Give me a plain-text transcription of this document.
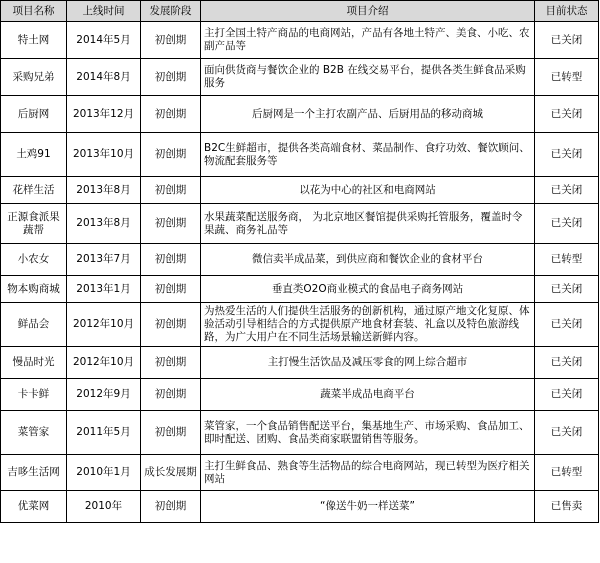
项目名称	上线时间	发展阶段	项目介绍	目前状态
特土网	2014年5月	初创期	主打全国土特产商品的电商网站，产品有各地土特产、美食、小吃、农副产品等	已关闭
采购兄弟	2014年8月	初创期	面向供货商与餐饮企业的 B2B 在线交易平台，提供各类生鲜食品采购服务	已转型
后厨网	2013年12月	初创期	后厨网是一个主打农副产品、后厨用品的移动商城	已关闭
土鸡91	2013年10月	初创期	B2C生鲜超市，提供各类高端食材、菜品制作、食疗功效、餐饮顾问、物流配套服务等	已关闭
花样生活	2013年8月	初创期	以花为中心的社区和电商网站	已关闭
正源食派果蔬帮	2013年8月	初创期	水果蔬菜配送服务商， 为北京地区餐馆提供采购托管服务，覆盖时令果蔬、商务礼品等	已关闭
小农女	2013年7月	初创期	微信卖半成品菜，到供应商和餐饮企业的食材平台	已转型
物本购商城	2013年1月	初创期	垂直类O2O商业模式的食品电子商务网站	已关闭
鲜品会	2012年10月	初创期	为热爱生活的人们提供生活服务的创新机构，通过原产地文化复原、体验活动引导相结合的方式提供原产地食材套装、礼盒以及特色旅游线路，为广大用户在不同生活场景输送新鲜内容。	已关闭
慢品时光	2012年10月	初创期	主打慢生活饮品及减压零食的网上综合超市	已关闭
卡卡鲜	2012年9月	初创期	蔬菜半成品电商平台	已关闭
菜管家	2011年5月	初创期	菜管家，一个食品销售配送平台，集基地生产、市场采购、食品加工、即时配送、团购、食品类商家联盟销售等服务。	已关闭
吉哆生活网	2010年1月	成长发展期	主打生鲜食品、熟食等生活物品的综合电商网站，现已转型为医疗相关网站	已转型
优菜网	2010年	初创期	“像送牛奶一样送菜”	已售卖
